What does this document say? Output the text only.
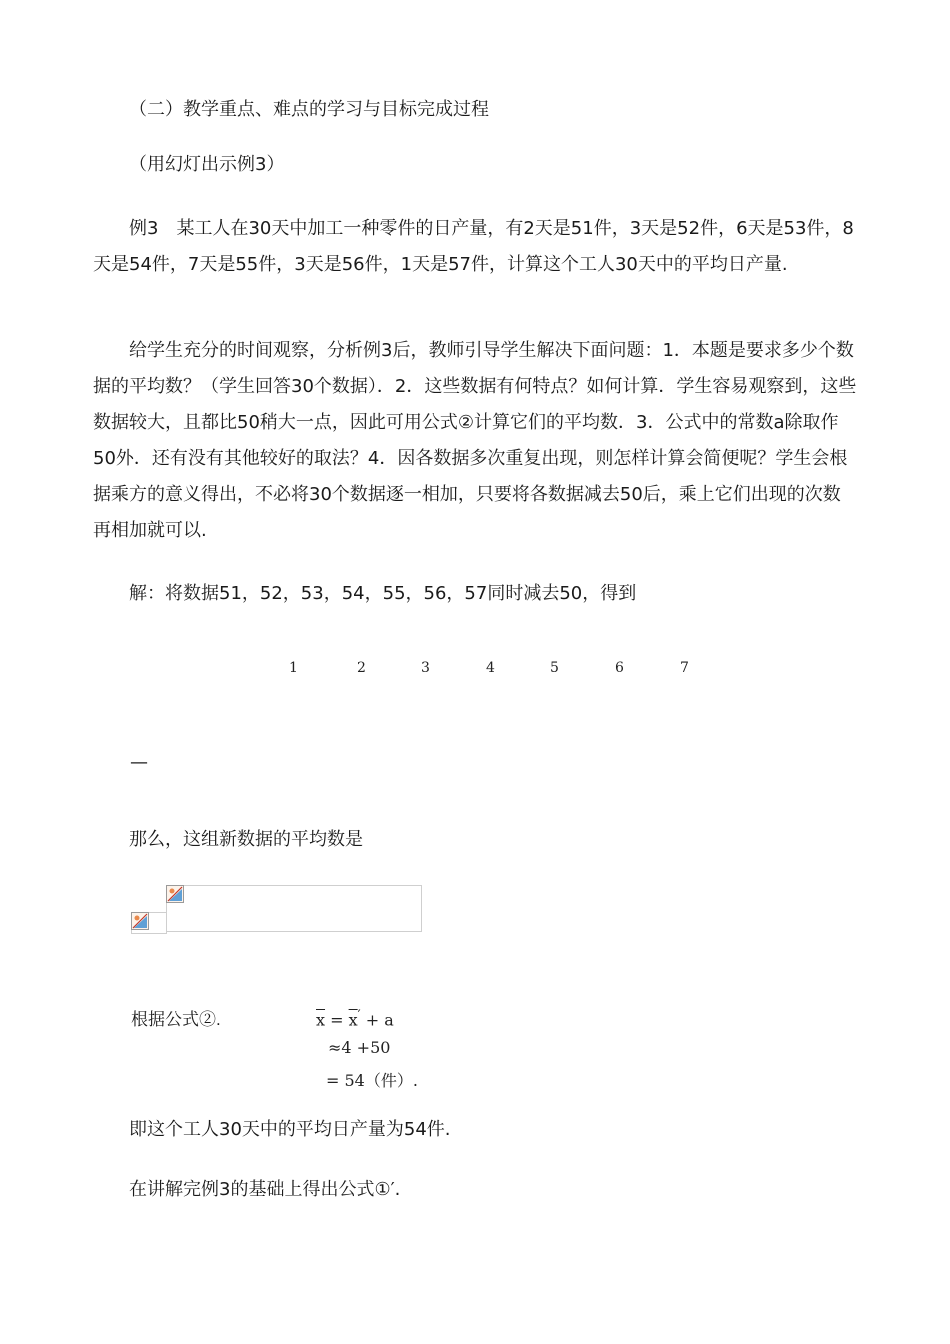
（二）教学重点、难点的学习与目标完成过程

（用幻灯出示例3）

例3　某工人在30天中加工一种零件的日产量，有2天是51件，3天是52件，6天是53件，8天是54件，7天是55件，3天是56件，1天是57件，计算这个工人30天中的平均日产量.

给学生充分的时间观察，分析例3后，教师引导学生解决下面问题：1．本题是要求多少个数据的平均数？（学生回答30个数据）．2．这些数据有何特点？如何计算．学生容易观察到，这些数据较大，且都比50稍大一点，因此可用公式②计算它们的平均数．3．公式中的常数a除取作50外．还有没有其他较好的取法？4．因各数据多次重复出现，则怎样计算会简便呢？学生会根据乘方的意义得出，不必将30个数据逐一相加，只要将各数据减去50后，乘上它们出现的次数再相加就可以.

解：将数据51，52，53，54，55，56，57同时减去50，得到

1	2	3	4	5	6	7
—

那么，这组新数据的平均数是

根据公式②.	$\overline{x} = \overline{x}' + a$
≈4 +50
= 54（件）.

即这个工人30天中的平均日产量为54件.

在讲解完例3的基础上得出公式①′.
